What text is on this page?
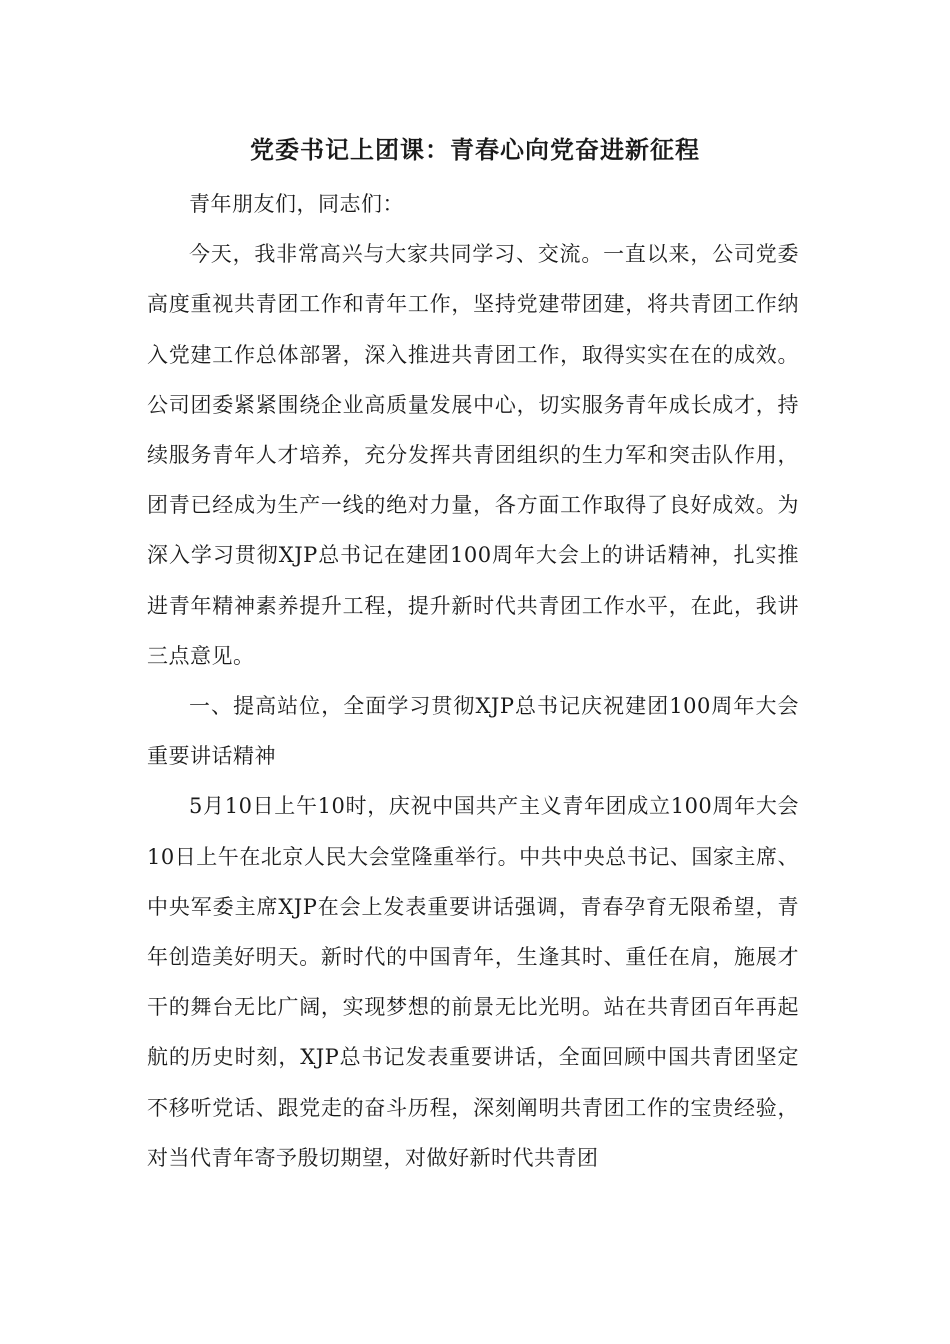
党委书记上团课：青春心向党奋进新征程

青年朋友们，同志们：

今天，我非常高兴与大家共同学习、交流。一直以来，公司党委高度重视共青团工作和青年工作，坚持党建带团建，将共青团工作纳入党建工作总体部署，深入推进共青团工作，取得实实在在的成效。公司团委紧紧围绕企业高质量发展中心，切实服务青年成长成才，持续服务青年人才培养，充分发挥共青团组织的生力军和突击队作用，团青已经成为生产一线的绝对力量，各方面工作取得了良好成效。为深入学习贯彻XJP总书记在建团100周年大会上的讲话精神，扎实推进青年精神素养提升工程，提升新时代共青团工作水平，在此，我讲三点意见。

一、提高站位，全面学习贯彻XJP总书记庆祝建团100周年大会重要讲话精神

5月10日上午10时，庆祝中国共产主义青年团成立100周年大会10日上午在北京人民大会堂隆重举行。中共中央总书记、国家主席、中央军委主席XJP在会上发表重要讲话强调，青春孕育无限希望，青年创造美好明天。新时代的中国青年，生逢其时、重任在肩，施展才干的舞台无比广阔，实现梦想的前景无比光明。站在共青团百年再起航的历史时刻，XJP总书记发表重要讲话，全面回顾中国共青团坚定不移听党话、跟党走的奋斗历程，深刻阐明共青团工作的宝贵经验，对当代青年寄予殷切期望，对做好新时代共青团
